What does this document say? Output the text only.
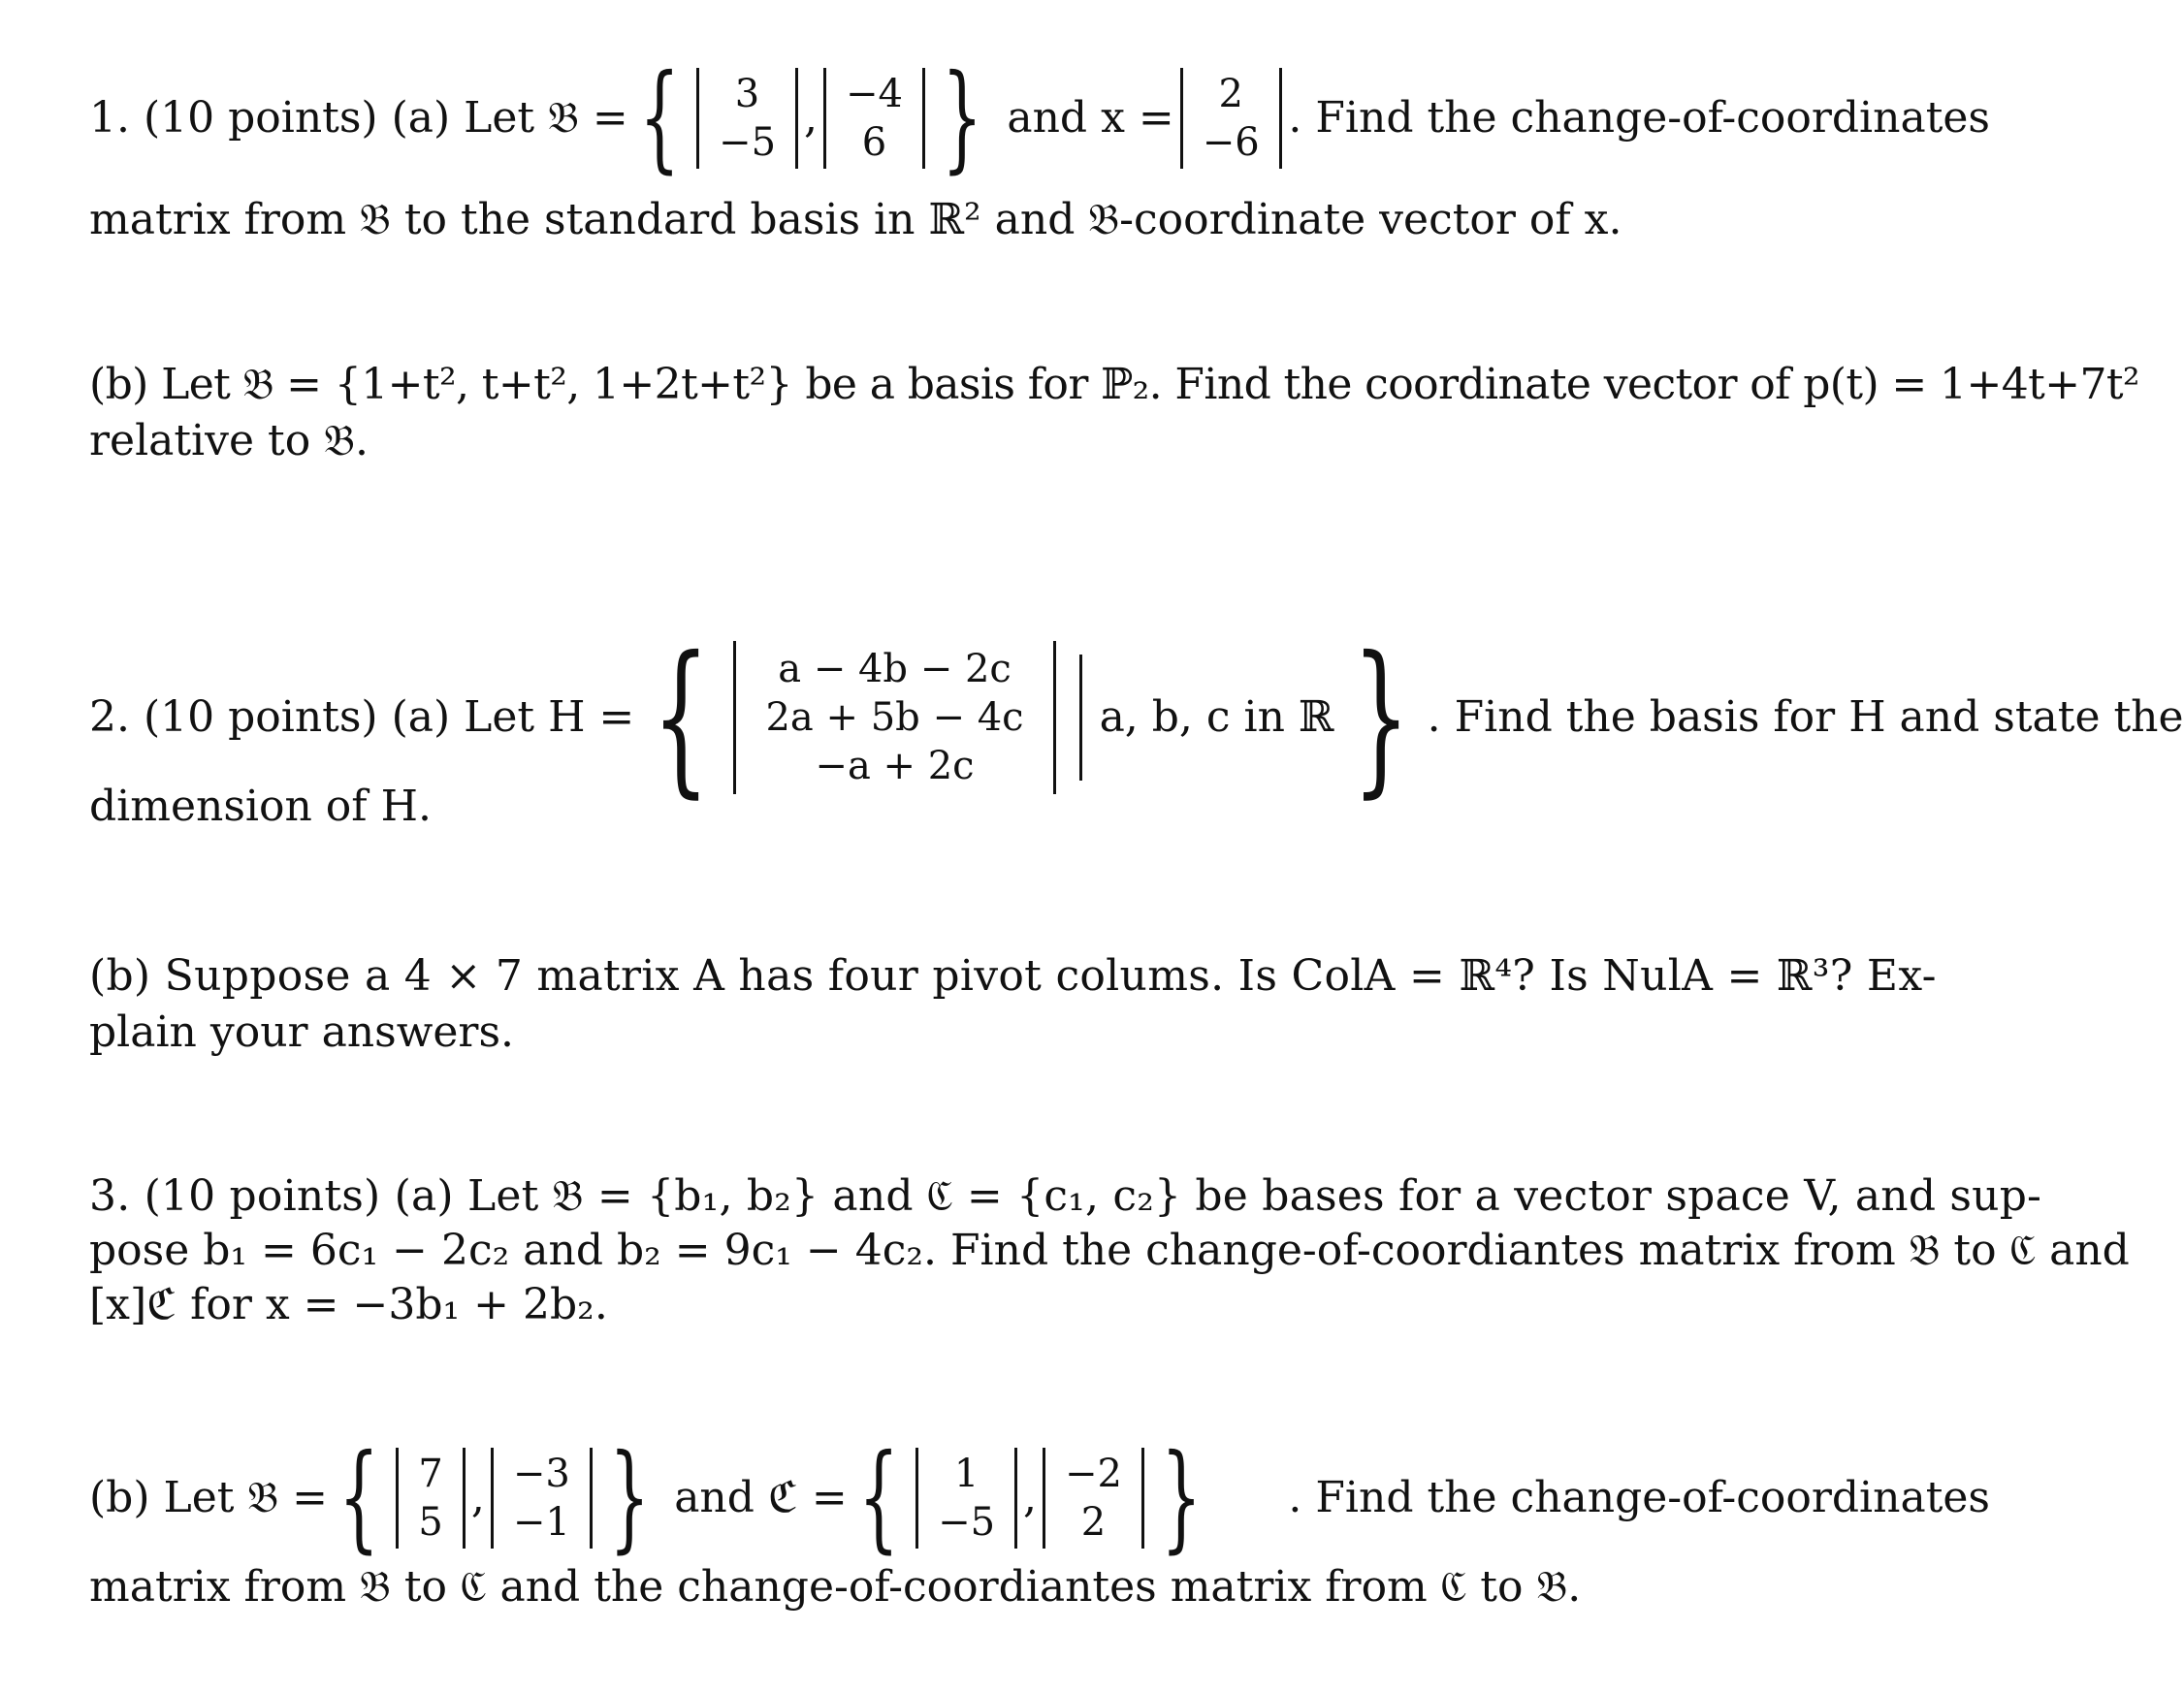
1. (10 points) (a) Let 𝔅 = {	3
−5 , −4
6 } and x =	2
−6 . Find the change-of-coordinates
matrix from 𝔅 to the standard basis in ℝ² and 𝔅-coordinate vector of x.
(b) Let 𝔅 = {1+t², t+t², 1+2t+t²} be a basis for ℙ₂. Find the coordinate vector of p(t) = 1+4t+7t²
relative to 𝔅.
2. (10 points) (a) Let H = {	a − 4b − 2c
2a + 5b − 4c
−a + 2c
a, b, c in ℝ } . Find the basis for H and state the
dimension of H.
(b) Suppose a 4 × 7 matrix A has four pivot colums. Is ColA = ℝ⁴? Is NulA = ℝ³? Ex-
plain your answers.
3. (10 points) (a) Let 𝔅 = {b₁, b₂} and ℭ = {c₁, c₂} be bases for a vector space V, and sup-
pose b₁ = 6c₁ − 2c₂ and b₂ = 9c₁ − 4c₂. Find the change-of-coordiantes matrix from 𝔅 to ℭ and
[x]ℭ for x = −3b₁ + 2b₂.
(b) Let 𝔅 = { 7
5 , −3
−1 } and ℭ = {	1
−5 , −2
2 } . Find the change-of-coordinates
matrix from 𝔅 to ℭ and the change-of-coordiantes matrix from ℭ to 𝔅.
